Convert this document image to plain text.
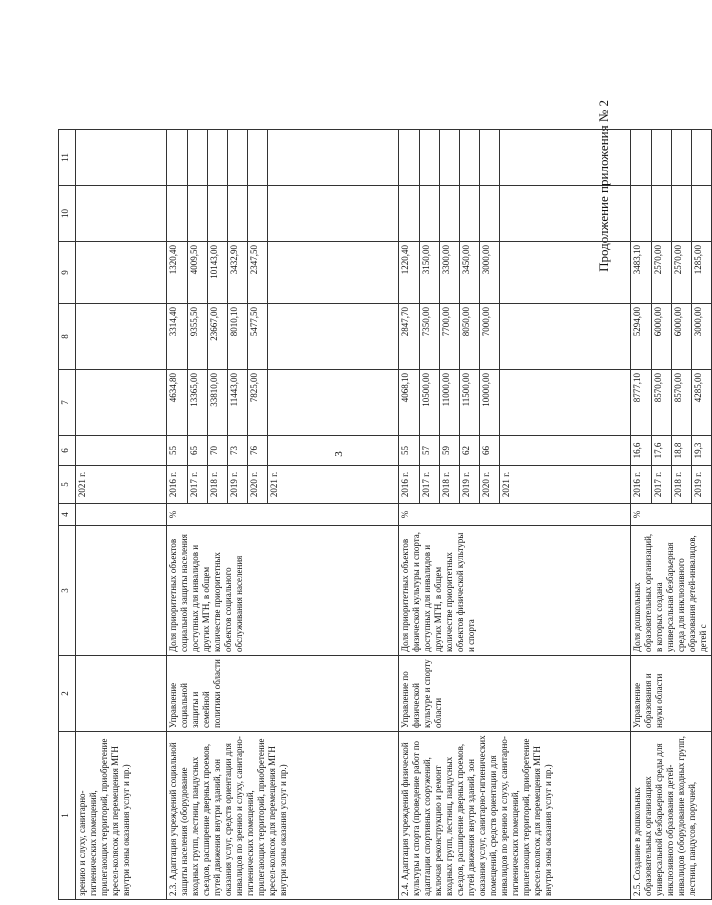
Продолжение приложения № 2
3
1	2	3	4	5	6	7	8	9	10	11
зрению и слуху, санитарно-гигиенических помещений, прилегающих территорий, приобретение кресел-колясок для перемещения МГН внутри зоны оказания услуг и пр.)				2021 г.						
2.3. Адаптация учреждений социальной защиты населения (оборудование входных групп, лестниц, пандусных съездов, расширение дверных проемов, путей движения внутри зданий, зон оказания услуг, средств ориентации для инвалидов по зрению и слуху, санитарно-гигиенических помещений, прилегающих территорий, приобретение кресел-колясок для перемещения МГН внутри зоны оказания услуг и пр.)	Управление социальной защиты и семейной политики области	Доля приоритетных объектов социальной защиты населения доступных для инвалидов и других МГН, в общем количестве приоритетных объектов социального обслуживания населения	%	2016 г.	55	4634,80	3314,40	1320,40		
				2017 г.	65	13365,00	9355,50	4009,50		
				2018 г.	70	33810,00	23667,00	10143,00		
				2019 г.	73	11443,00	8010,10	3432,90		
				2020 г.	76	7825,00	5477,50	2347,50		
				2021 г.						
2.4. Адаптация учреждений физической культуры и спорта (проведение работ по адаптации спортивных сооружений, включая реконструкцию и ремонт входных групп, лестниц, пандусных съездов, расширение дверных проемов, путей движения внутри зданий, зон оказания услуг, санитарно-гигиенических помещений, средств ориентации для инвалидов по зрению и слуху, санитарно-гигиенических помещений, прилегающих территорий, приобретение кресел-колясок для перемещения МГН внутри зоны оказания услуг и пр.)	Управление по физической культуре и спорту области	Доля приоритетных объектов физической культуры и спорта, доступных для инвалидов и других МГН, в общем количестве приоритетных объектов физической культуры и спорта	%	2016 г.	55	4068,10	2847,70	1220,40		
				2017 г.	57	10500,00	7350,00	3150,00		
				2018 г.	59	11000,00	7700,00	3300,00		
				2019 г.	62	11500,00	8050,00	3450,00		
				2020 г.	66	10000,00	7000,00	3000,00		
				2021 г.						
2.5. Создание в дошкольных образовательных организациях универсальной безбарьерной среды для инклюзивного образования детей-инвалидов (оборудование входных групп, лестниц, пандусов, поручней,	Управление образования и науки области	Доля дошкольных образовательных организаций, в которых создана универсальная безбарьерная среда для инклюзивного образования детей-инвалидов, детей с	%	2016 г.	16,6	8777,10	5294,00	3483,10		
				2017 г.	17,6	8570,00	6000,00	2570,00		
				2018 г.	18,8	8570,00	6000,00	2570,00		
				2019 г.	19,3	4285,00	3000,00	1285,00		
